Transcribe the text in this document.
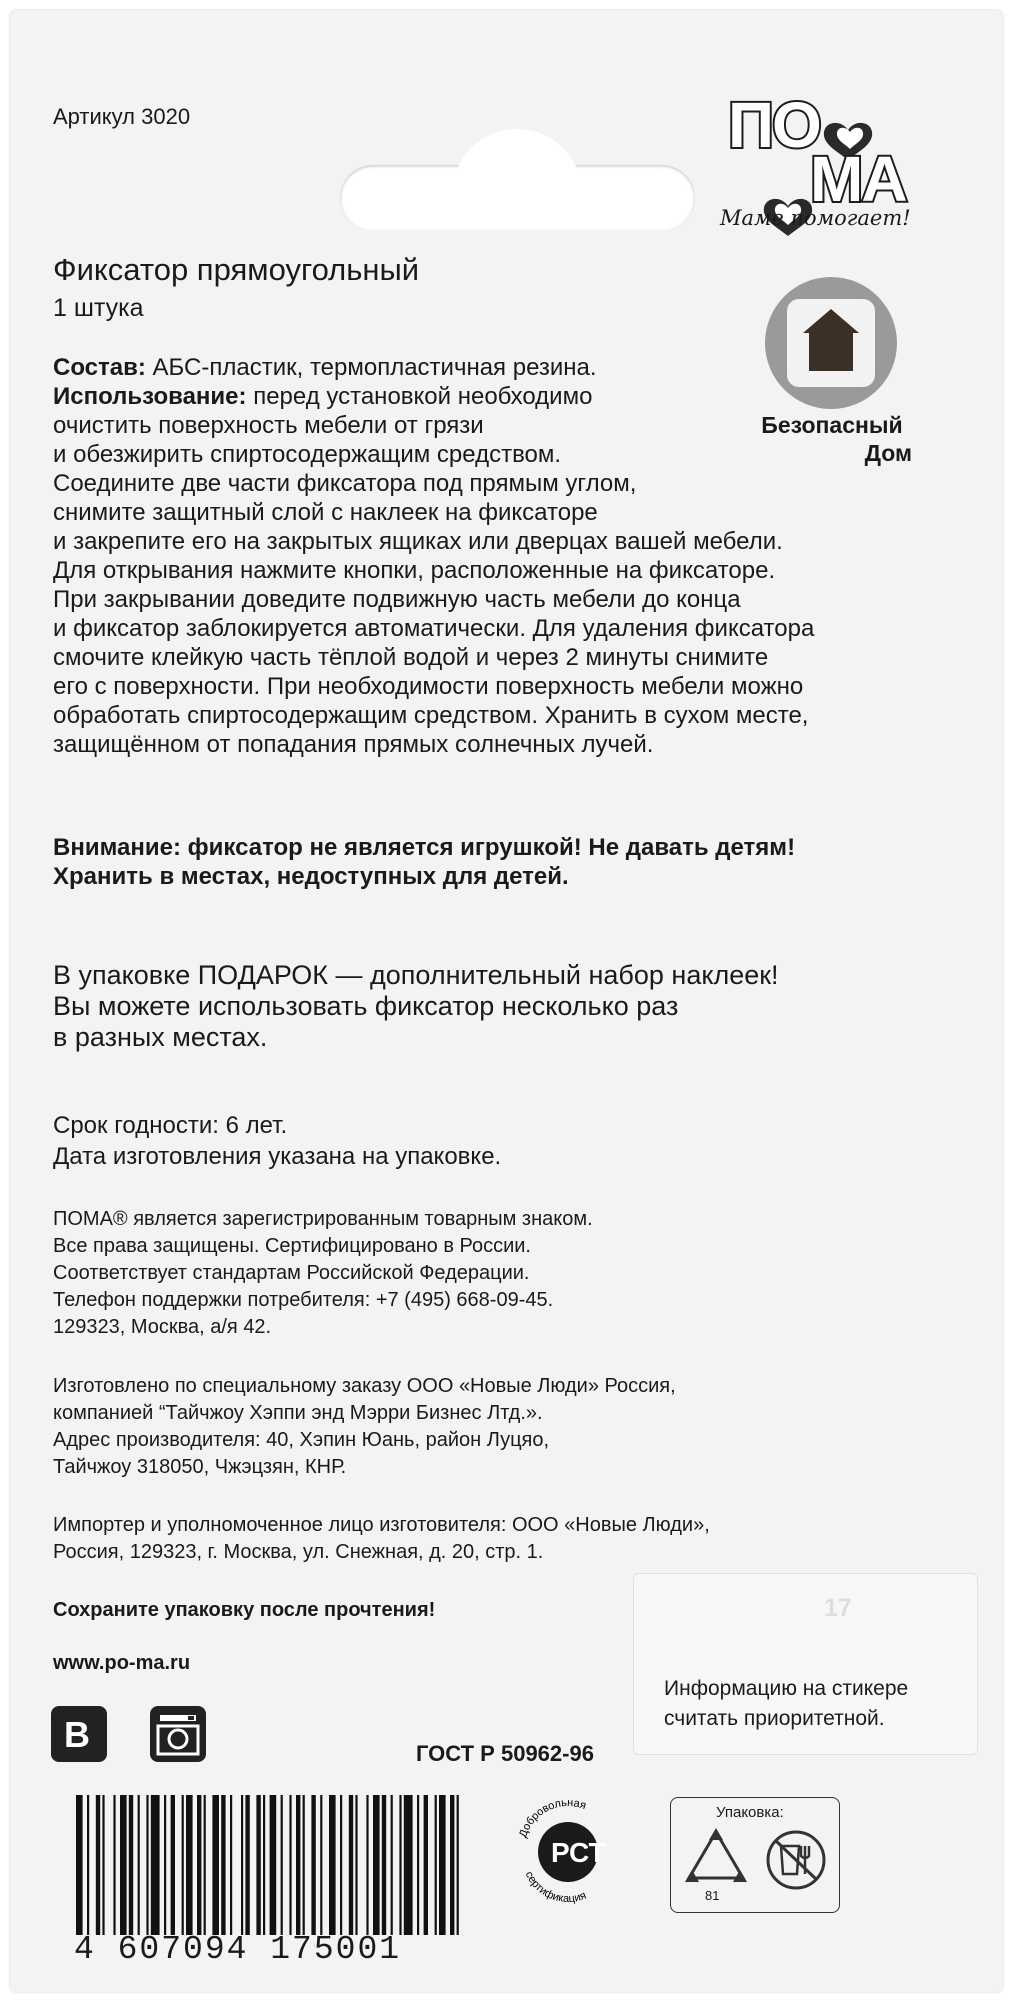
Артикул 3020	ПО
МА
Маме помогает!

Безопасный
Дом

Фиксатор прямоугольный

1 штука

Состав: АБС-пластик, термопластичная резина.
Использование: перед установкой необходимо
очистить поверхность мебели от грязи
и обезжирить спиртосодержащим средством.
Соедините две части фиксатора под прямым углом,
снимите защитный слой с наклеек на фиксаторе
и закрепите его на закрытых ящиках или дверцах вашей мебели.
Для открывания нажмите кнопки, расположенные на фиксаторе.
При закрывании доведите подвижную часть мебели до конца
и фиксатор заблокируется автоматически. Для удаления фиксатора
смочите клейкую часть тёплой водой и через 2 минуты снимите
его с поверхности. При необходимости поверхность мебели можно
обработать спиртосодержащим средством. Хранить в сухом месте,
защищённом от попадания прямых солнечных лучей.
Внимание: фиксатор не является игрушкой! Не давать детям!
Хранить в местах, недоступных для детей.
В упаковке ПОДАРОК — дополнительный набор наклеек!
Вы можете использовать фиксатор несколько раз
в разных местах.
Срок годности: 6 лет.
Дата изготовления указана на упаковке.
ПОМА® является зарегистрированным товарным знаком.
Все права защищены. Сертифицировано в России.
Соответствует стандартам Российской Федерации.
Телефон поддержки потребителя: +7 (495) 668-09-45.
129323, Москва, а/я 42.
Изготовлено по специальному заказу ООО «Новые Люди» Россия,
компанией “Тайчжоу Хэппи энд Мэрри Бизнес Лтд.».
Адрес производителя: 40, Хэпин Юань, район Луцяо,
Тайчжоу 318050, Чжэцзян, КНР.
Импортер и уполномоченное лицо изготовителя: ООО «Новые Люди»,
Россия, 129323, г. Москва, ул. Снежная, д. 20, стр. 1.

Сохраните упаковку после прочтения!

www.po-ma.ru

В	ГОСТ Р 50962-96

17
Информацию на стикере
считать приоритетной.
4 607094 175001
Добровольная
сертификация
РСТ
Упаковка:
81
